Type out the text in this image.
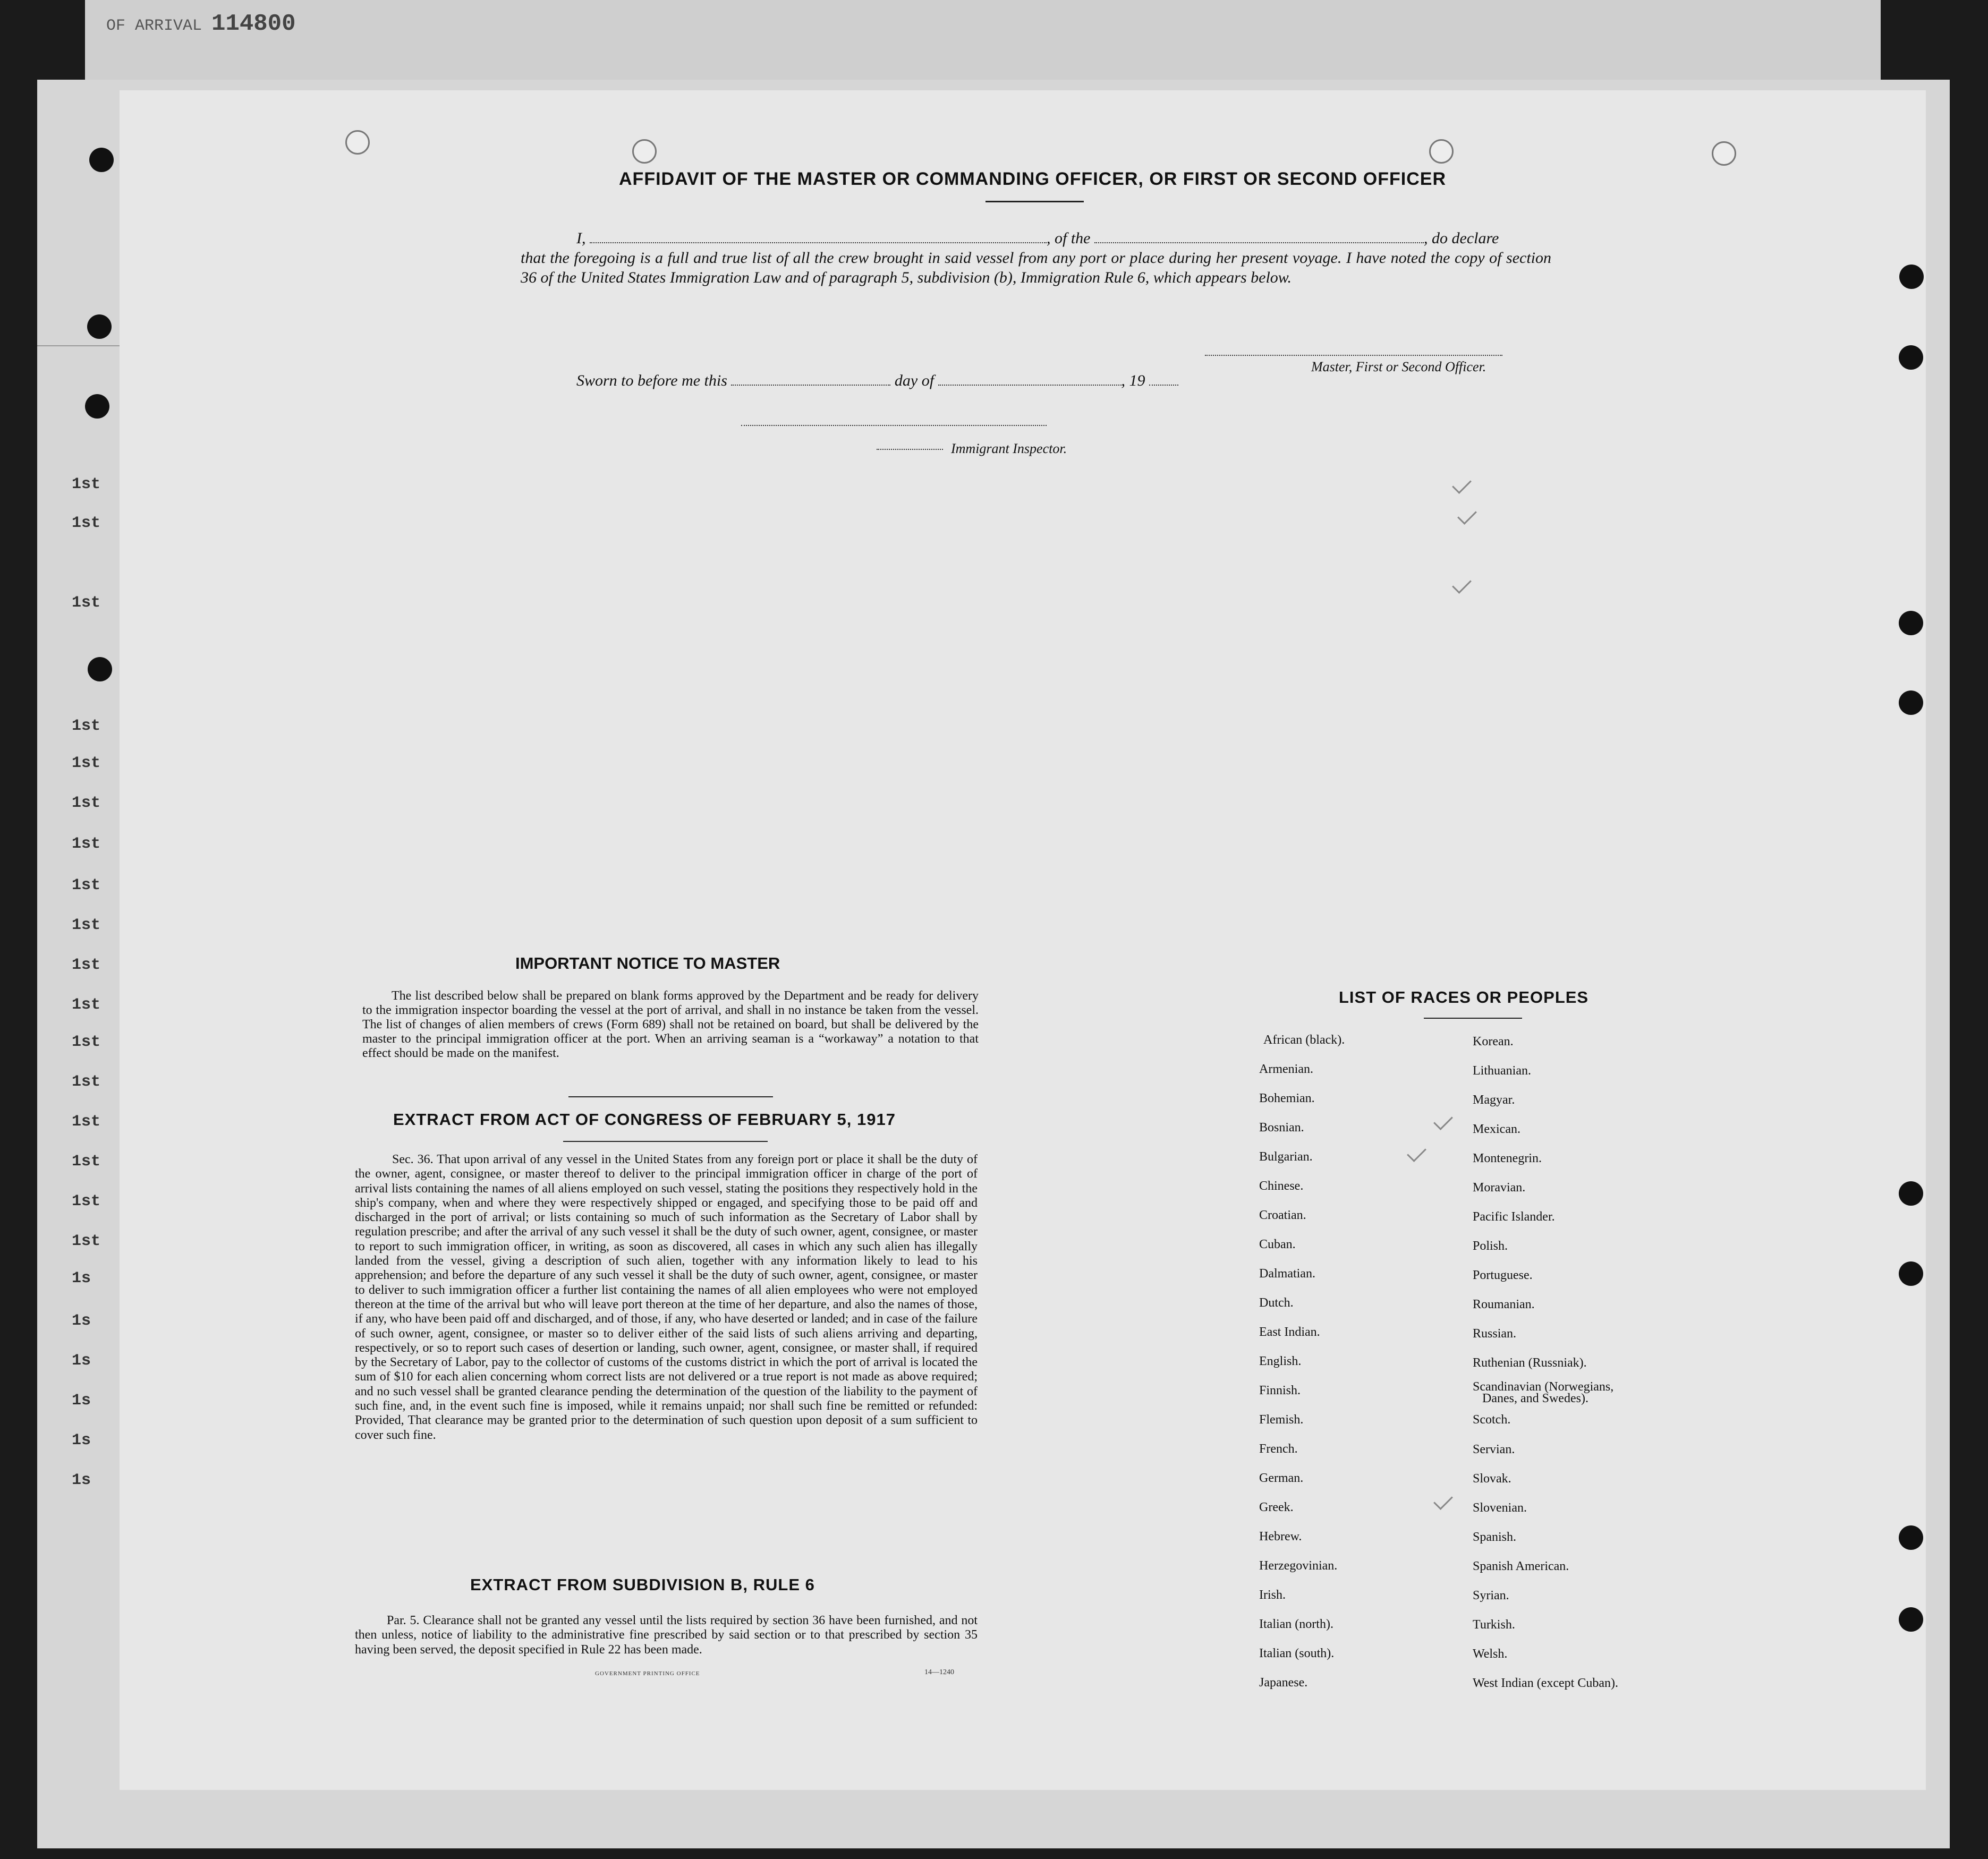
OF ARRIVAL 114800
1st
1st
1st
1st
1st
1st
1st
1st
1st
1st
1st
1st
1st
1st
1st
1st
1st
1s
1s
1s
1s
1s
1s
AFFIDAVIT OF THE MASTER OR COMMANDING OFFICER, OR FIRST OR SECOND OFFICER
I,	, of the	, do declare
that the foregoing is a full and true list of all the crew brought in said vessel from any port or place during her present voyage. I have noted the copy of section 36 of the United States Immigration Law and of paragraph 5, subdivision (b), Immigration Rule 6, which appears below.
Master, First or Second Officer.
Sworn to before me this	day of	, 19
Immigrant Inspector.
IMPORTANT NOTICE TO MASTER

The list described below shall be prepared on blank forms approved by the Department and be ready for delivery to the immigration inspector boarding the vessel at the port of arrival, and shall in no instance be taken from the vessel. The list of changes of alien members of crews (Form 689) shall not be retained on board, but shall be delivered by the master to the principal immigration officer at the port. When an arriving seaman is a “workaway” a notation to that effect should be made on the manifest.

EXTRACT FROM ACT OF CONGRESS OF FEBRUARY 5, 1917

Sec. 36. That upon arrival of any vessel in the United States from any foreign port or place it shall be the duty of the owner, agent, consignee, or master thereof to deliver to the principal immigration officer in charge of the port of arrival lists containing the names of all aliens employed on such vessel, stating the positions they respectively hold in the ship's company, when and where they were respectively shipped or engaged, and specifying those to be paid off and discharged in the port of arrival; or lists containing so much of such information as the Secretary of Labor shall by regulation prescribe; and after the arrival of any such vessel it shall be the duty of such owner, agent, consignee, or master to report to such immigration officer, in writing, as soon as discovered, all cases in which any such alien has illegally landed from the vessel, giving a description of such alien, together with any information likely to lead to his apprehension; and before the departure of any such vessel it shall be the duty of such owner, agent, consignee, or master to deliver to such immigration officer a further list containing the names of all alien employees who were not employed thereon at the time of the arrival but who will leave port thereon at the time of her departure, and also the names of those, if any, who have been paid off and discharged, and of those, if any, who have deserted or landed; and in case of the failure of such owner, agent, consignee, or master so to deliver either of the said lists of such aliens arriving and departing, respectively, or so to report such cases of desertion or landing, such owner, agent, consignee, or master shall, if required by the Secretary of Labor, pay to the collector of customs of the customs district in which the port of arrival is located the sum of $10 for each alien concerning whom correct lists are not delivered or a true report is not made as above required; and no such vessel shall be granted clearance pending the determination of the question of the liability to the payment of such fine, and, in the event such fine is imposed, while it remains unpaid; nor shall such fine be remitted or refunded: Provided, That clearance may be granted prior to the determination of such question upon deposit of a sum sufficient to cover such fine.

EXTRACT FROM SUBDIVISION B, RULE 6

Par. 5. Clearance shall not be granted any vessel until the lists required by section 36 have been furnished, and not then unless, notice of liability to the administrative fine prescribed by said section or to that prescribed by section 35 having been served, the deposit specified in Rule 22 has been made.

GOVERNMENT PRINTING OFFICE	14—1240
LIST OF RACES OR PEOPLES
African (black).
Armenian.
Bohemian.
Bosnian.
Bulgarian.
Chinese.
Croatian.
Cuban.
Dalmatian.
Dutch.
East Indian.
English.
Finnish.
Flemish.
French.
German.
Greek.
Hebrew.
Herzegovinian.
Irish.
Italian (north).
Italian (south).
Japanese.
Korean.
Lithuanian.
Magyar.
Mexican.
Montenegrin.
Moravian.
Pacific Islander.
Polish.
Portuguese.
Roumanian.
Russian.
Ruthenian (Russniak).
Scandinavian (Norwegians,
Danes, and Swedes).
Scotch.
Servian.
Slovak.
Slovenian.
Spanish.
Spanish American.
Syrian.
Turkish.
Welsh.
West Indian (except Cuban).
